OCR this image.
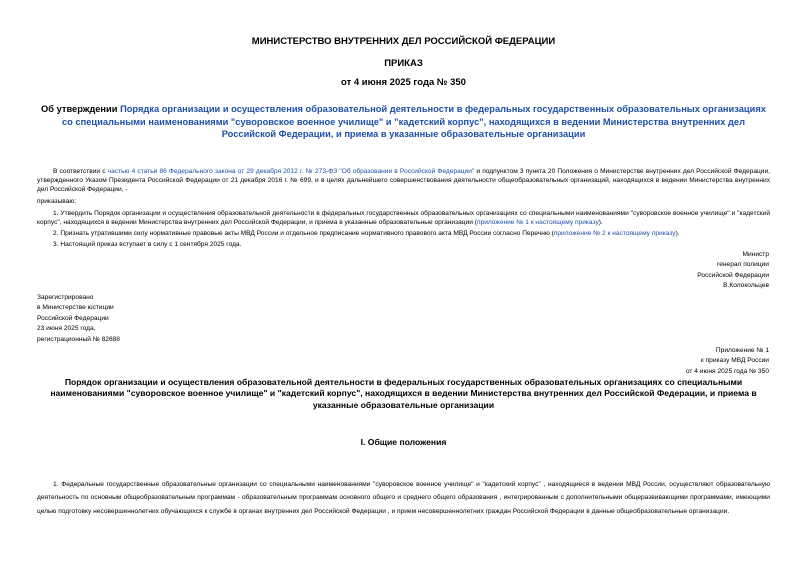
МИНИСТЕРСТВО ВНУТРЕННИХ ДЕЛ РОССИЙСКОЙ ФЕДЕРАЦИИ
ПРИКАЗ
от 4 июня 2025 года № 350
Об утверждении Порядка организации и осуществления образовательной деятельности в федеральных государственных образовательных организациях со специальными наименованиями "суворовское военное училище" и "кадетский корпус", находящихся в ведении Министерства внутренних дел Российской Федерации, и приема в указанные образовательные организации
В соответствии с частью 4 статьи 86 Федерального закона от 29 декабря 2012 г. № 273-ФЗ "Об образовании в Российской Федерации" и подпунктом 3 пункта 20 Положения о Министерстве внутренних дел Российской Федерации, утвержденного Указом Президента Российской Федерации от 21 декабря 2016 г. № 699, и в целях дальнейшего совершенствования деятельности общеобразовательных организаций, находящихся в ведении Министерства внутренних дел Российской Федерации, -
приказываю:
1. Утвердить Порядок организации и осуществления образовательной деятельности в федеральных государственных образовательных организациях со специальными наименованиями "суворовское военное училище" и "кадетский корпус", находящихся в ведении Министерства внутренних дел Российской Федерации, и приема в указанные образовательные организации (приложение № 1 к настоящему приказу).
2. Признать утратившими силу нормативные правовые акты МВД России и отдельное предписание нормативного правового акта МВД России согласно Перечню (приложение № 2 к настоящему приказу).
3. Настоящий приказ вступает в силу с 1 сентября 2025 года.
Министр
генерал полиции
Российской Федерации
В.Колокольцев
Зарегистрировано
в Министерстве юстиции
Российской Федерации
23 июня 2025 года,
регистрационный № 82688
Приложение № 1
к приказу МВД России
от 4 июня 2025 года № 350
Порядок организации и осуществления образовательной деятельности в федеральных государственных образовательных организациях со специальными наименованиями "суворовское военное училище" и "кадетский корпус", находящихся в ведении Министерства внутренних дел Российской Федерации, и приема в указанные образовательные организации
I. Общие положения
1. Федеральные государственные образовательные организации со специальными наименованиями "суворовское военное училище" и "кадетский корпус" , находящиеся в ведении МВД России, осуществляют образовательную деятельность по основным общеобразовательным программам - образовательным программам основного общего и среднего общего образования , интегрированным с дополнительными общеразвивающими программами, имеющими целью подготовку несовершеннолетних обучающихся к службе в органах внутренних дел Российской Федерации , и прием несовершеннолетних граждан Российской Федерации в данные общеобразовательные организации.
